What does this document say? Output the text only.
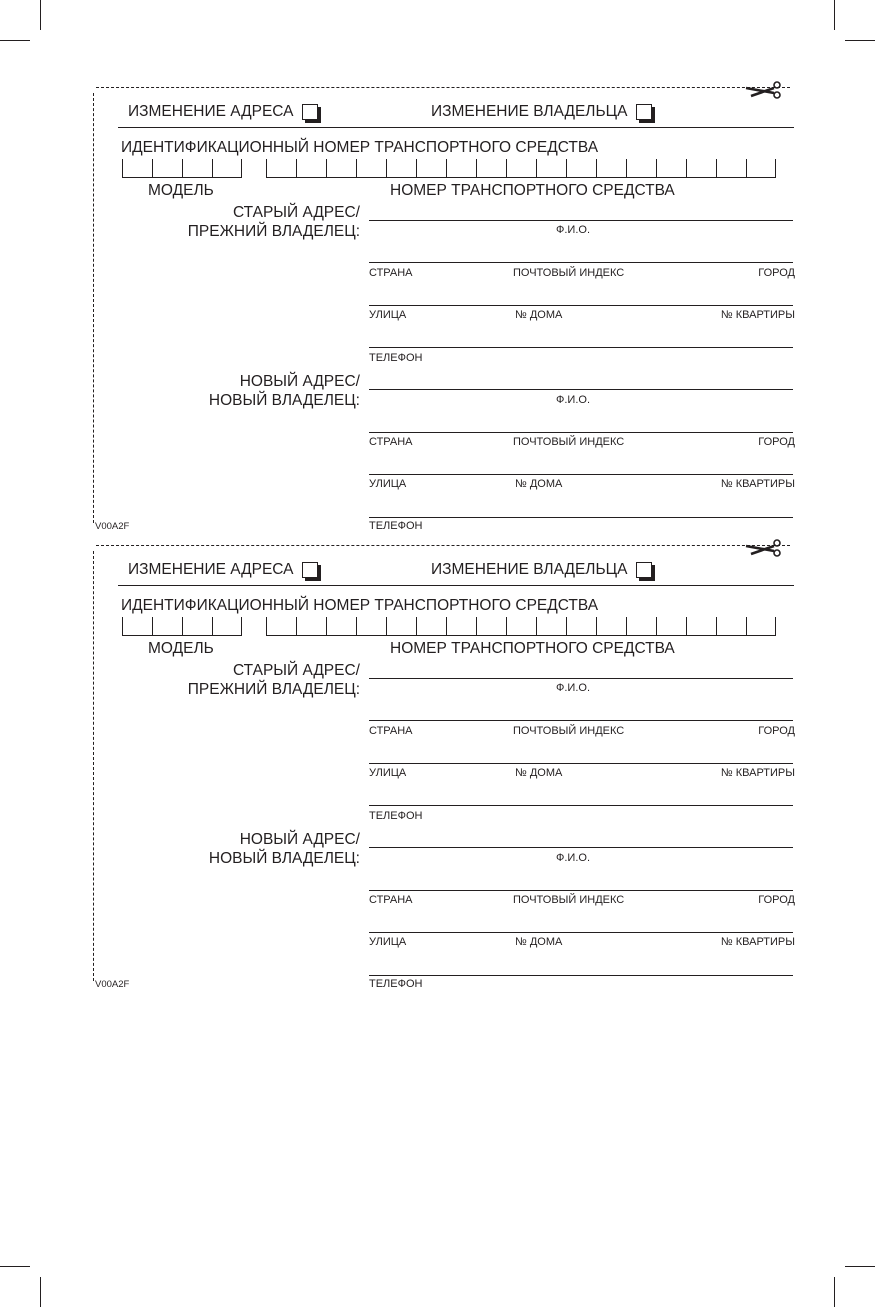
ИЗМЕНЕНИЕ АДРЕСА	ИЗМЕНЕНИЕ ВЛАДЕЛЬЦА
ИДЕНТИФИКАЦИОННЫЙ НОМЕР ТРАНСПОРТНОГО СРЕДСТВА
МОДЕЛЬ	НОМЕР ТРАНСПОРТНОГО СРЕДСТВА
СТАРЫЙ АДРЕС/
ПРЕЖНИЙ ВЛАДЕЛЕЦ:	Ф.И.О.
СТРАНА	ПОЧТОВЫЙ ИНДЕКС	ГОРОД
УЛИЦА	№ ДОМА	№ КВАРТИРЫ
ТЕЛЕФОН
НОВЫЙ АДРЕС/
НОВЫЙ ВЛАДЕЛЕЦ:	Ф.И.О.
СТРАНА	ПОЧТОВЫЙ ИНДЕКС	ГОРОД
УЛИЦА	№ ДОМА	№ КВАРТИРЫ
ТЕЛЕФОН
V00A2F
ИЗМЕНЕНИЕ АДРЕСА	ИЗМЕНЕНИЕ ВЛАДЕЛЬЦА
ИДЕНТИФИКАЦИОННЫЙ НОМЕР ТРАНСПОРТНОГО СРЕДСТВА
МОДЕЛЬ	НОМЕР ТРАНСПОРТНОГО СРЕДСТВА
СТАРЫЙ АДРЕС/
ПРЕЖНИЙ ВЛАДЕЛЕЦ:	Ф.И.О.
СТРАНА	ПОЧТОВЫЙ ИНДЕКС	ГОРОД
УЛИЦА	№ ДОМА	№ КВАРТИРЫ
ТЕЛЕФОН
НОВЫЙ АДРЕС/
НОВЫЙ ВЛАДЕЛЕЦ:	Ф.И.О.
СТРАНА	ПОЧТОВЫЙ ИНДЕКС	ГОРОД
УЛИЦА	№ ДОМА	№ КВАРТИРЫ
ТЕЛЕФОН
V00A2F
